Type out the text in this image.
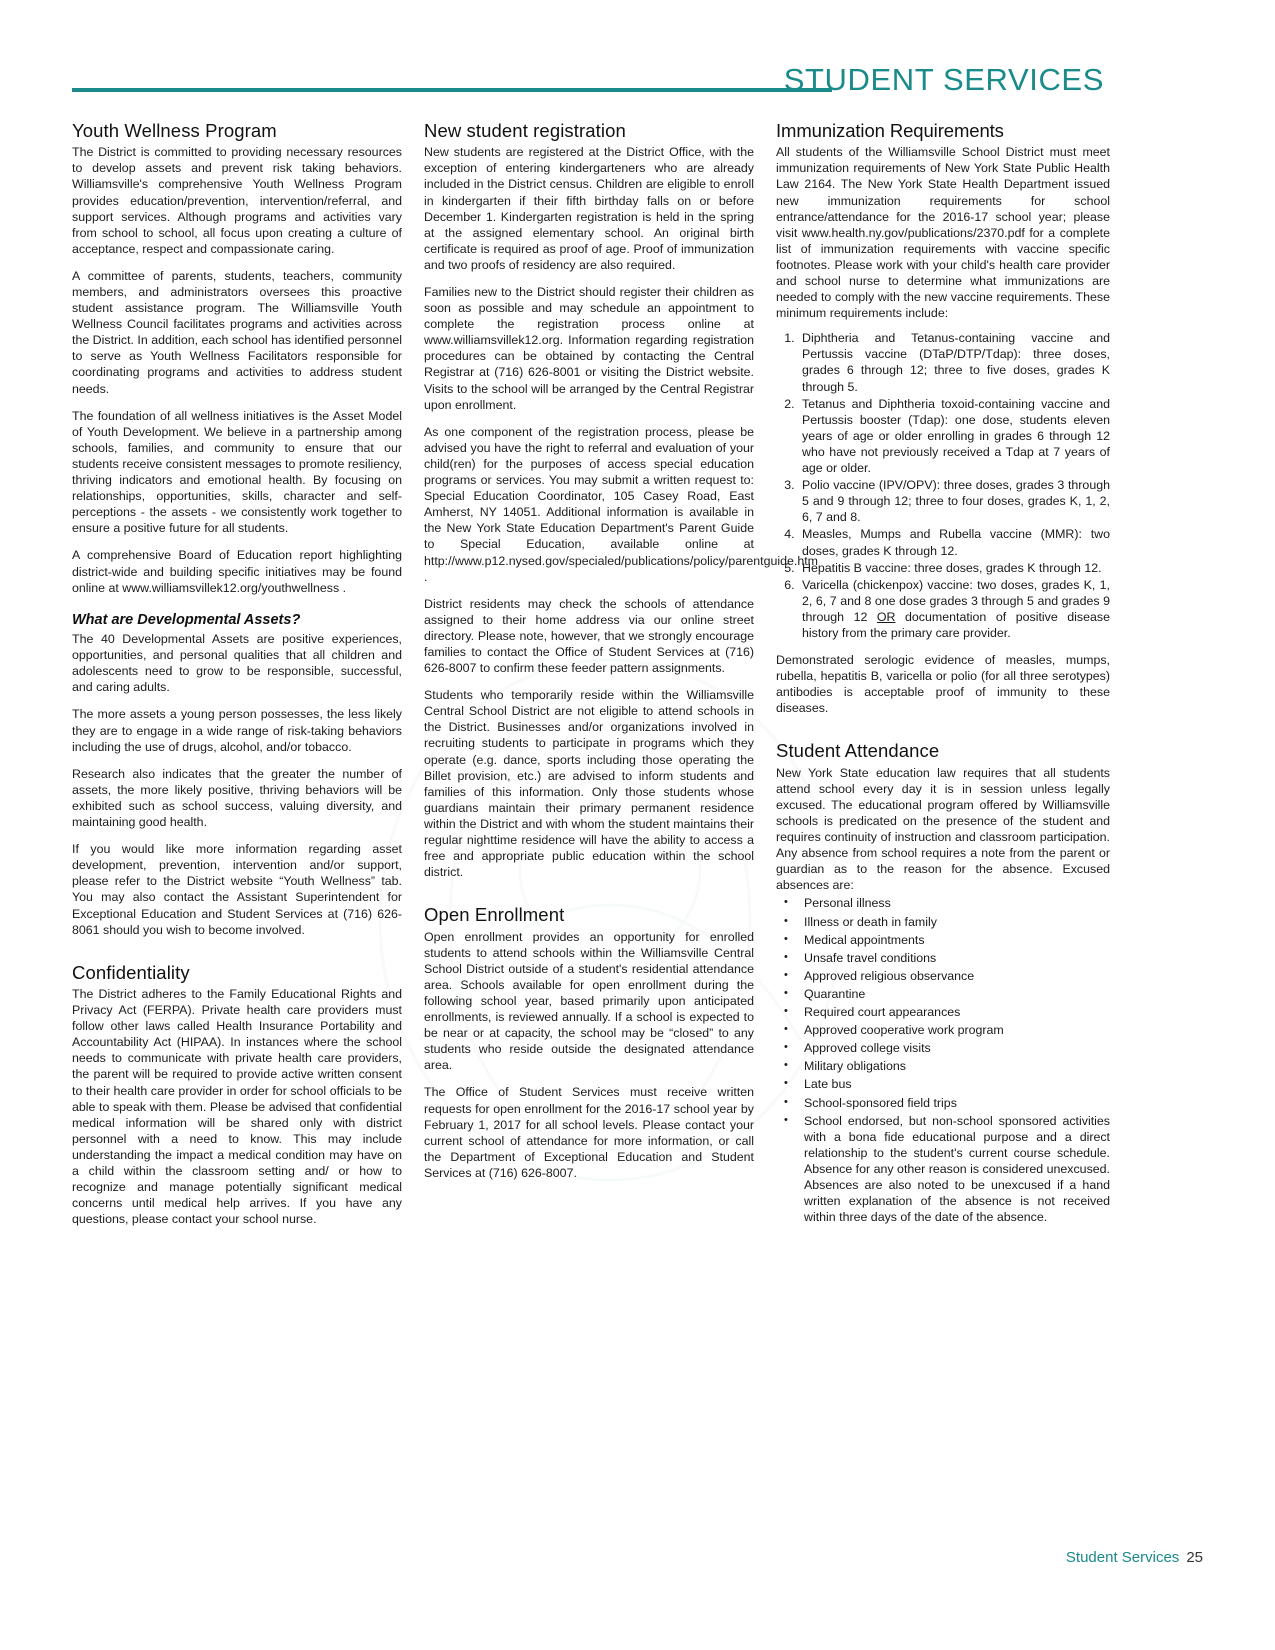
STUDENT SERVICES
Youth Wellness Program

The District is committed to providing necessary resources to develop assets and prevent risk taking behaviors. Williamsville's comprehensive Youth Wellness Program provides education/prevention, intervention/referral, and support services. Although programs and activities vary from school to school, all focus upon creating a culture of acceptance, respect and compassionate caring.

A committee of parents, students, teachers, community members, and administrators oversees this proactive student assistance program. The Williamsville Youth Wellness Council facilitates programs and activities across the District. In addition, each school has identified personnel to serve as Youth Wellness Facilitators responsible for coordinating programs and activities to address student needs.

The foundation of all wellness initiatives is the Asset Model of Youth Development. We believe in a partnership among schools, families, and community to ensure that our students receive consistent messages to promote resiliency, thriving indicators and emotional health. By focusing on relationships, opportunities, skills, character and self- perceptions - the assets - we consistently work together to ensure a positive future for all students.

A comprehensive Board of Education report highlighting district-wide and building specific initiatives may be found online at www.williamsvillek12.org/youthwellness .

What are Developmental Assets?

The 40 Developmental Assets are positive experiences, opportunities, and personal qualities that all children and adolescents need to grow to be responsible, successful, and caring adults.

The more assets a young person possesses, the less likely they are to engage in a wide range of risk-taking behaviors including the use of drugs, alcohol, and/or tobacco.

Research also indicates that the greater the number of assets, the more likely positive, thriving behaviors will be exhibited such as school success, valuing diversity, and maintaining good health.

If you would like more information regarding asset development, prevention, intervention and/or support, please refer to the District website “Youth Wellness” tab. You may also contact the Assistant Superintendent for Exceptional Education and Student Services at (716) 626-8061 should you wish to become involved.

Confidentiality

The District adheres to the Family Educational Rights and Privacy Act (FERPA). Private health care providers must follow other laws called Health Insurance Portability and Accountability Act (HIPAA). In instances where the school needs to communicate with private health care providers, the parent will be required to provide active written consent to their health care provider in order for school officials to be able to speak with them. Please be advised that confidential medical information will be shared only with district personnel with a need to know. This may include understanding the impact a medical condition may have on a child within the classroom setting and/ or how to recognize and manage potentially significant medical concerns until medical help arrives. If you have any questions, please contact your school nurse.

New student registration

New students are registered at the District Office, with the exception of entering kindergarteners who are already included in the District census. Children are eligible to enroll in kindergarten if their fifth birthday falls on or before December 1. Kindergarten registration is held in the spring at the assigned elementary school. An original birth certificate is required as proof of age. Proof of immunization and two proofs of residency are also required.

Families new to the District should register their children as soon as possible and may schedule an appointment to complete the registration process online at www.williamsvillek12.org. Information regarding registration procedures can be obtained by contacting the Central Registrar at (716) 626-8001 or visiting the District website. Visits to the school will be arranged by the Central Registrar upon enrollment.

As one component of the registration process, please be advised you have the right to referral and evaluation of your child(ren) for the purposes of access special education programs or services. You may submit a written request to: Special Education Coordinator, 105 Casey Road, East Amherst, NY 14051. Additional information is available in the New York State Education Department's Parent Guide to Special Education, available online at http://www.p12.nysed.gov/specialed/publications/policy/parentguide.htm .

District residents may check the schools of attendance assigned to their home address via our online street directory. Please note, however, that we strongly encourage families to contact the Office of Student Services at (716) 626-8007 to confirm these feeder pattern assignments.

Students who temporarily reside within the Williamsville Central School District are not eligible to attend schools in the District. Businesses and/or organizations involved in recruiting students to participate in programs which they operate (e.g. dance, sports including those operating the Billet provision, etc.) are advised to inform students and families of this information. Only those students whose guardians maintain their primary permanent residence within the District and with whom the student maintains their regular nighttime residence will have the ability to access a free and appropriate public education within the school district.

Open Enrollment

Open enrollment provides an opportunity for enrolled students to attend schools within the Williamsville Central School District outside of a student's residential attendance area. Schools available for open enrollment during the following school year, based primarily upon anticipated enrollments, is reviewed annually. If a school is expected to be near or at capacity, the school may be “closed” to any students who reside outside the designated attendance area.

The Office of Student Services must receive written requests for open enrollment for the 2016-17 school year by February 1, 2017 for all school levels. Please contact your current school of attendance for more information, or call the Department of Exceptional Education and Student Services at (716) 626-8007.

Immunization Requirements

All students of the Williamsville School District must meet immunization requirements of New York State Public Health Law 2164. The New York State Health Department issued new immunization requirements for school entrance/attendance for the 2016-17 school year; please visit www.health.ny.gov/publications/2370.pdf for a complete list of immunization requirements with vaccine specific footnotes. Please work with your child's health care provider and school nurse to determine what immunizations are needed to comply with the new vaccine requirements. These minimum requirements include:

1. Diphtheria and Tetanus-containing vaccine and Pertussis vaccine (DTaP/DTP/Tdap): three doses, grades 6 through 12; three to five doses, grades K through 5.
2. Tetanus and Diphtheria toxoid-containing vaccine and Pertussis booster (Tdap): one dose, students eleven years of age or older enrolling in grades 6 through 12 who have not previously received a Tdap at 7 years of age or older.
3. Polio vaccine (IPV/OPV): three doses, grades 3 through 5 and 9 through 12; three to four doses, grades K, 1, 2, 6, 7 and 8.
4. Measles, Mumps and Rubella vaccine (MMR): two doses, grades K through 12.
5. Hepatitis B vaccine: three doses, grades K through 12.
6. Varicella (chickenpox) vaccine: two doses, grades K, 1, 2, 6, 7 and 8 one dose grades 3 through 5 and grades 9 through 12 OR documentation of positive disease history from the primary care provider.

Demonstrated serologic evidence of measles, mumps, rubella, hepatitis B, varicella or polio (for all three serotypes) antibodies is acceptable proof of immunity to these diseases.

Student Attendance

New York State education law requires that all students attend school every day it is in session unless legally excused. The educational program offered by Williamsville schools is predicated on the presence of the student and requires continuity of instruction and classroom participation. Any absence from school requires a note from the parent or guardian as to the reason for the absence. Excused absences are:

• Personal illness
• Illness or death in family
• Medical appointments
• Unsafe travel conditions
• Approved religious observance
• Quarantine
• Required court appearances
• Approved cooperative work program
• Approved college visits
• Military obligations
• Late bus
• School-sponsored field trips
• School endorsed, but non-school sponsored activities with a bona fide educational purpose and a direct relationship to the student's current course schedule. Absence for any other reason is considered unexcused. Absences are also noted to be unexcused if a hand written explanation of the absence is not received within three days of the date of the absence.
Student Services 25
